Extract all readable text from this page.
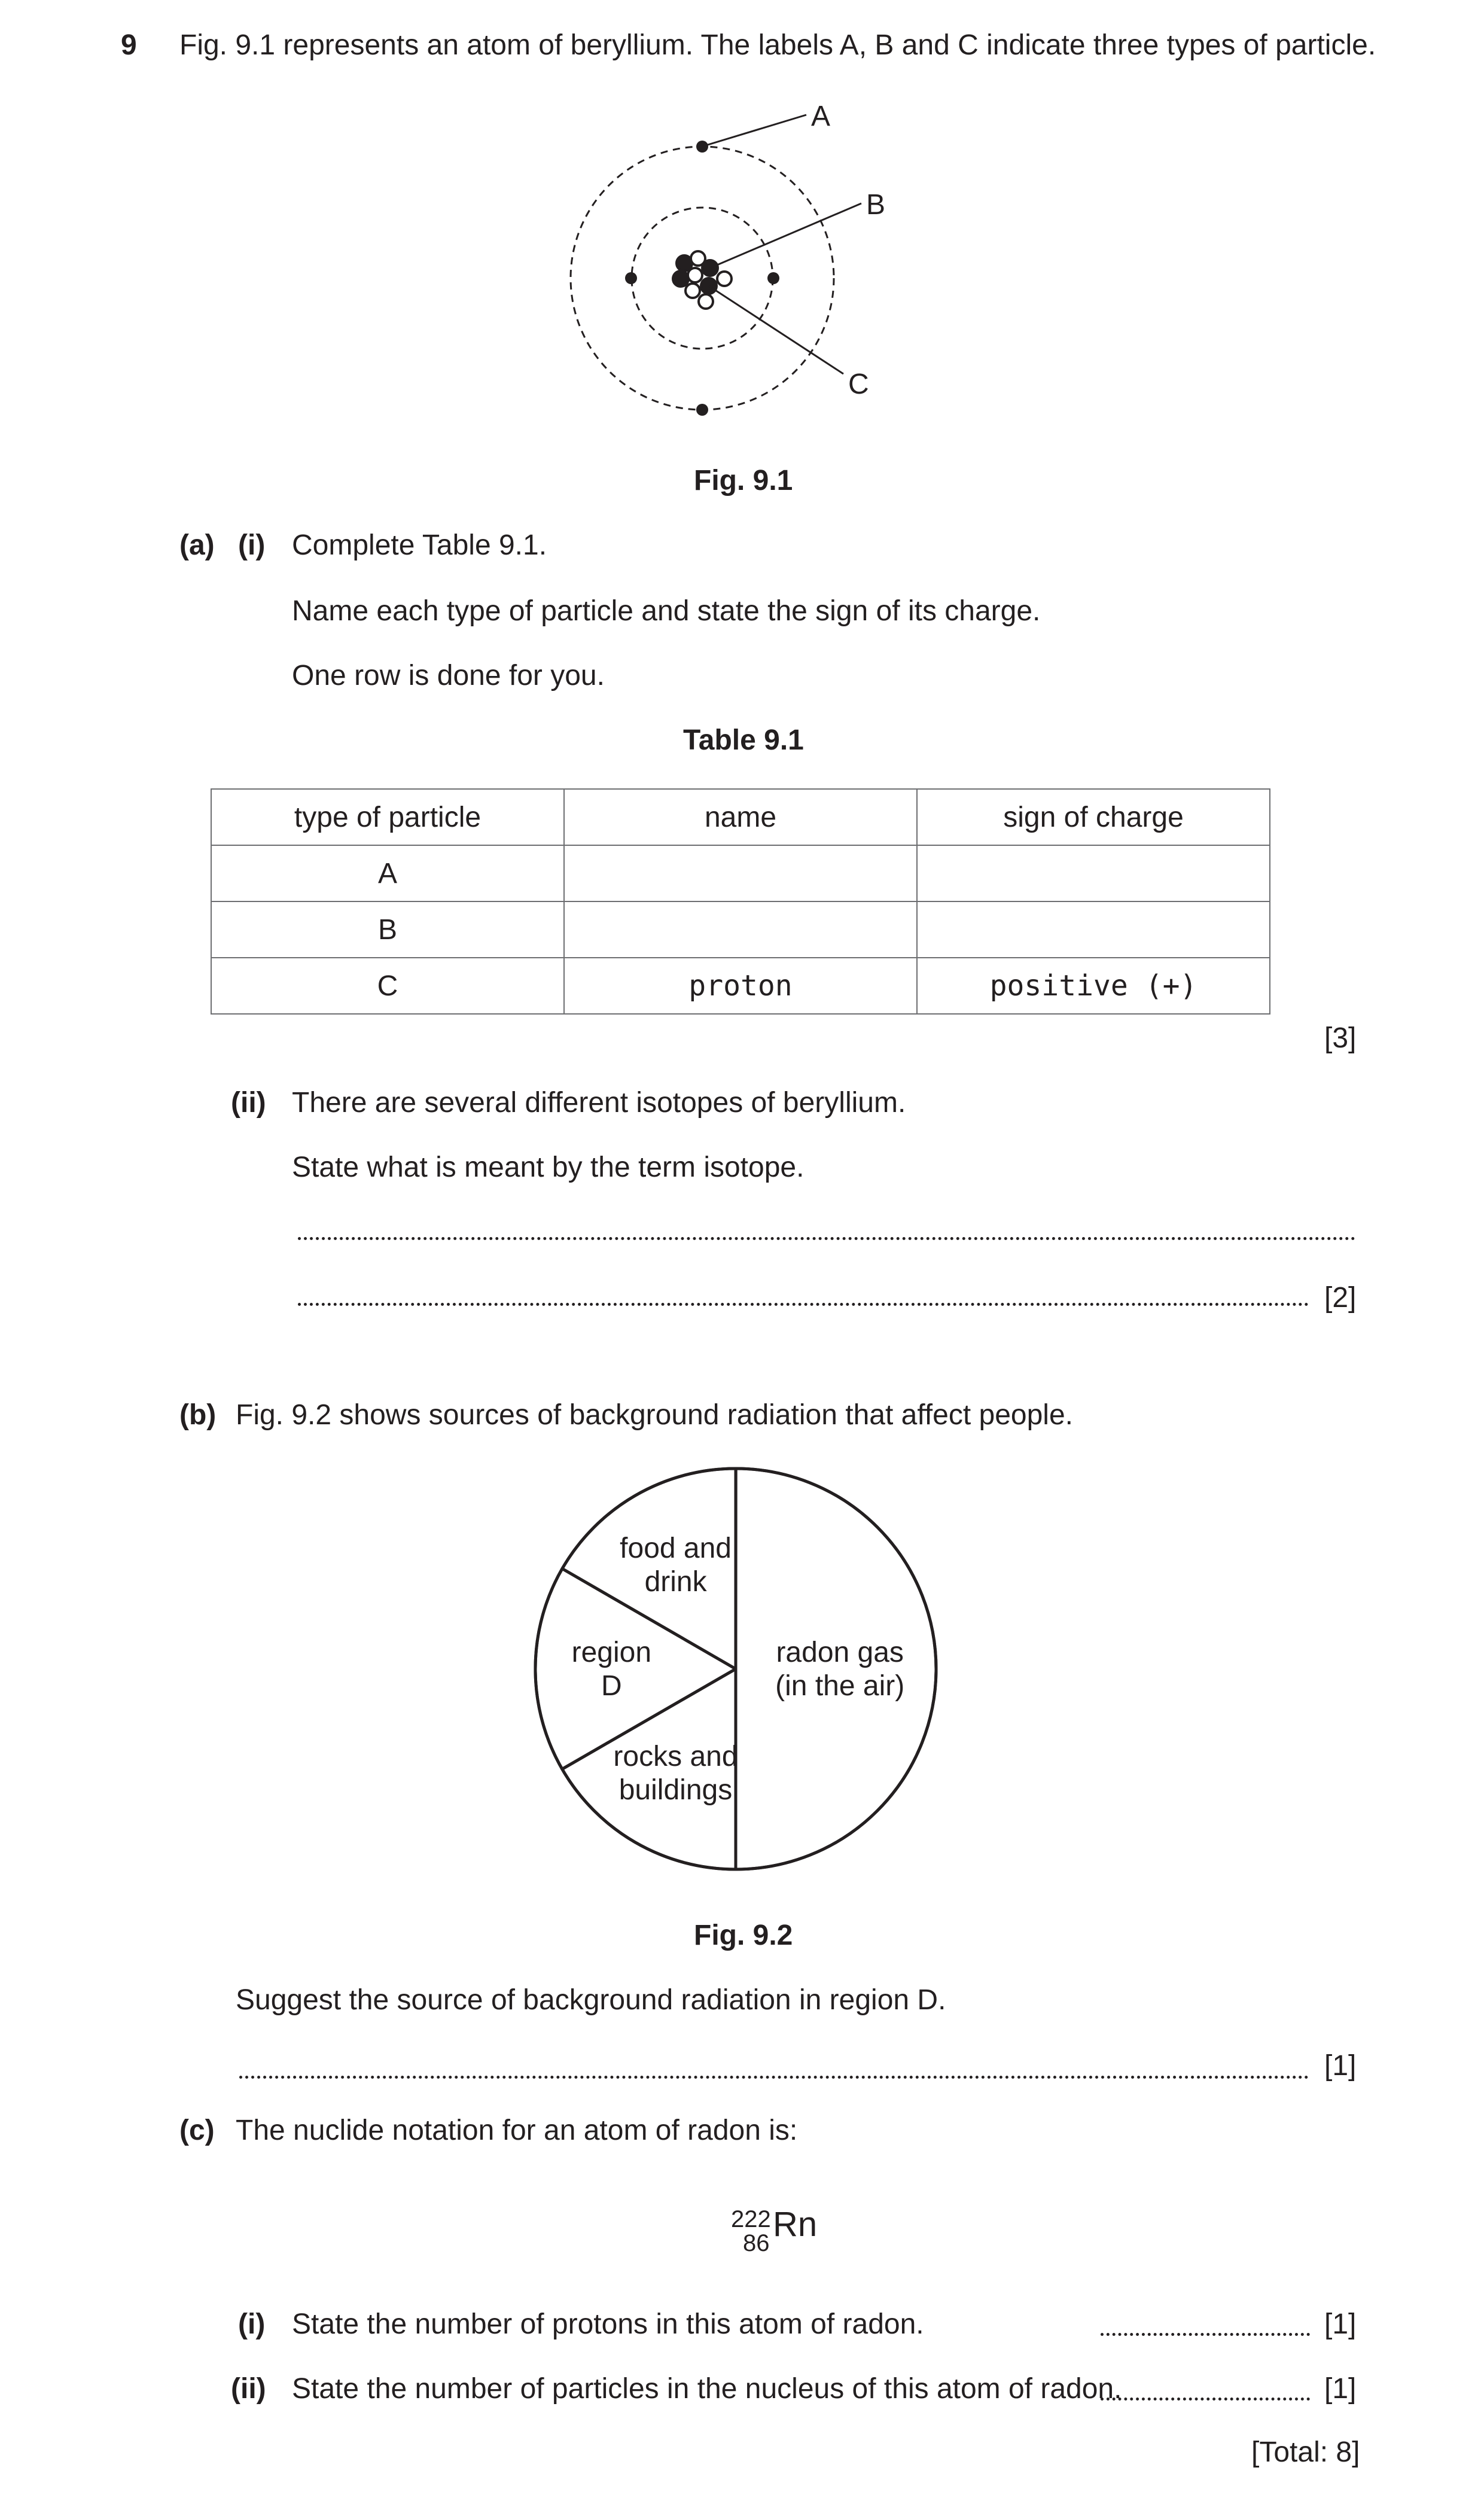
9 Fig. 9.1 represents an atom of beryllium. The labels A, B and C indicate three types of particle.
A
B
C
Fig. 9.1
(a) (i) Complete Table 9.1.
Name each type of particle and state the sign of its charge.
One row is done for you.
Table 9.1
type of particle	name	sign of charge
A		
B		
C	proton	positive (+)
[3]
(ii) There are several different isotopes of beryllium.
State what is meant by the term isotope.
[2]
(b) Fig. 9.2 shows sources of background radiation that affect people.
radon gas (in the air)
rocks and buildings
region D
food and drink
Fig. 9.2
Suggest the source of background radiation in region D.
[1]
(c) The nuclide notation for an atom of radon is:
222
86 Rn
(i) State the number of protons in this atom of radon.	[1]
(ii) State the number of particles in the nucleus of this atom of radon.	[1]
[Total: 8]
